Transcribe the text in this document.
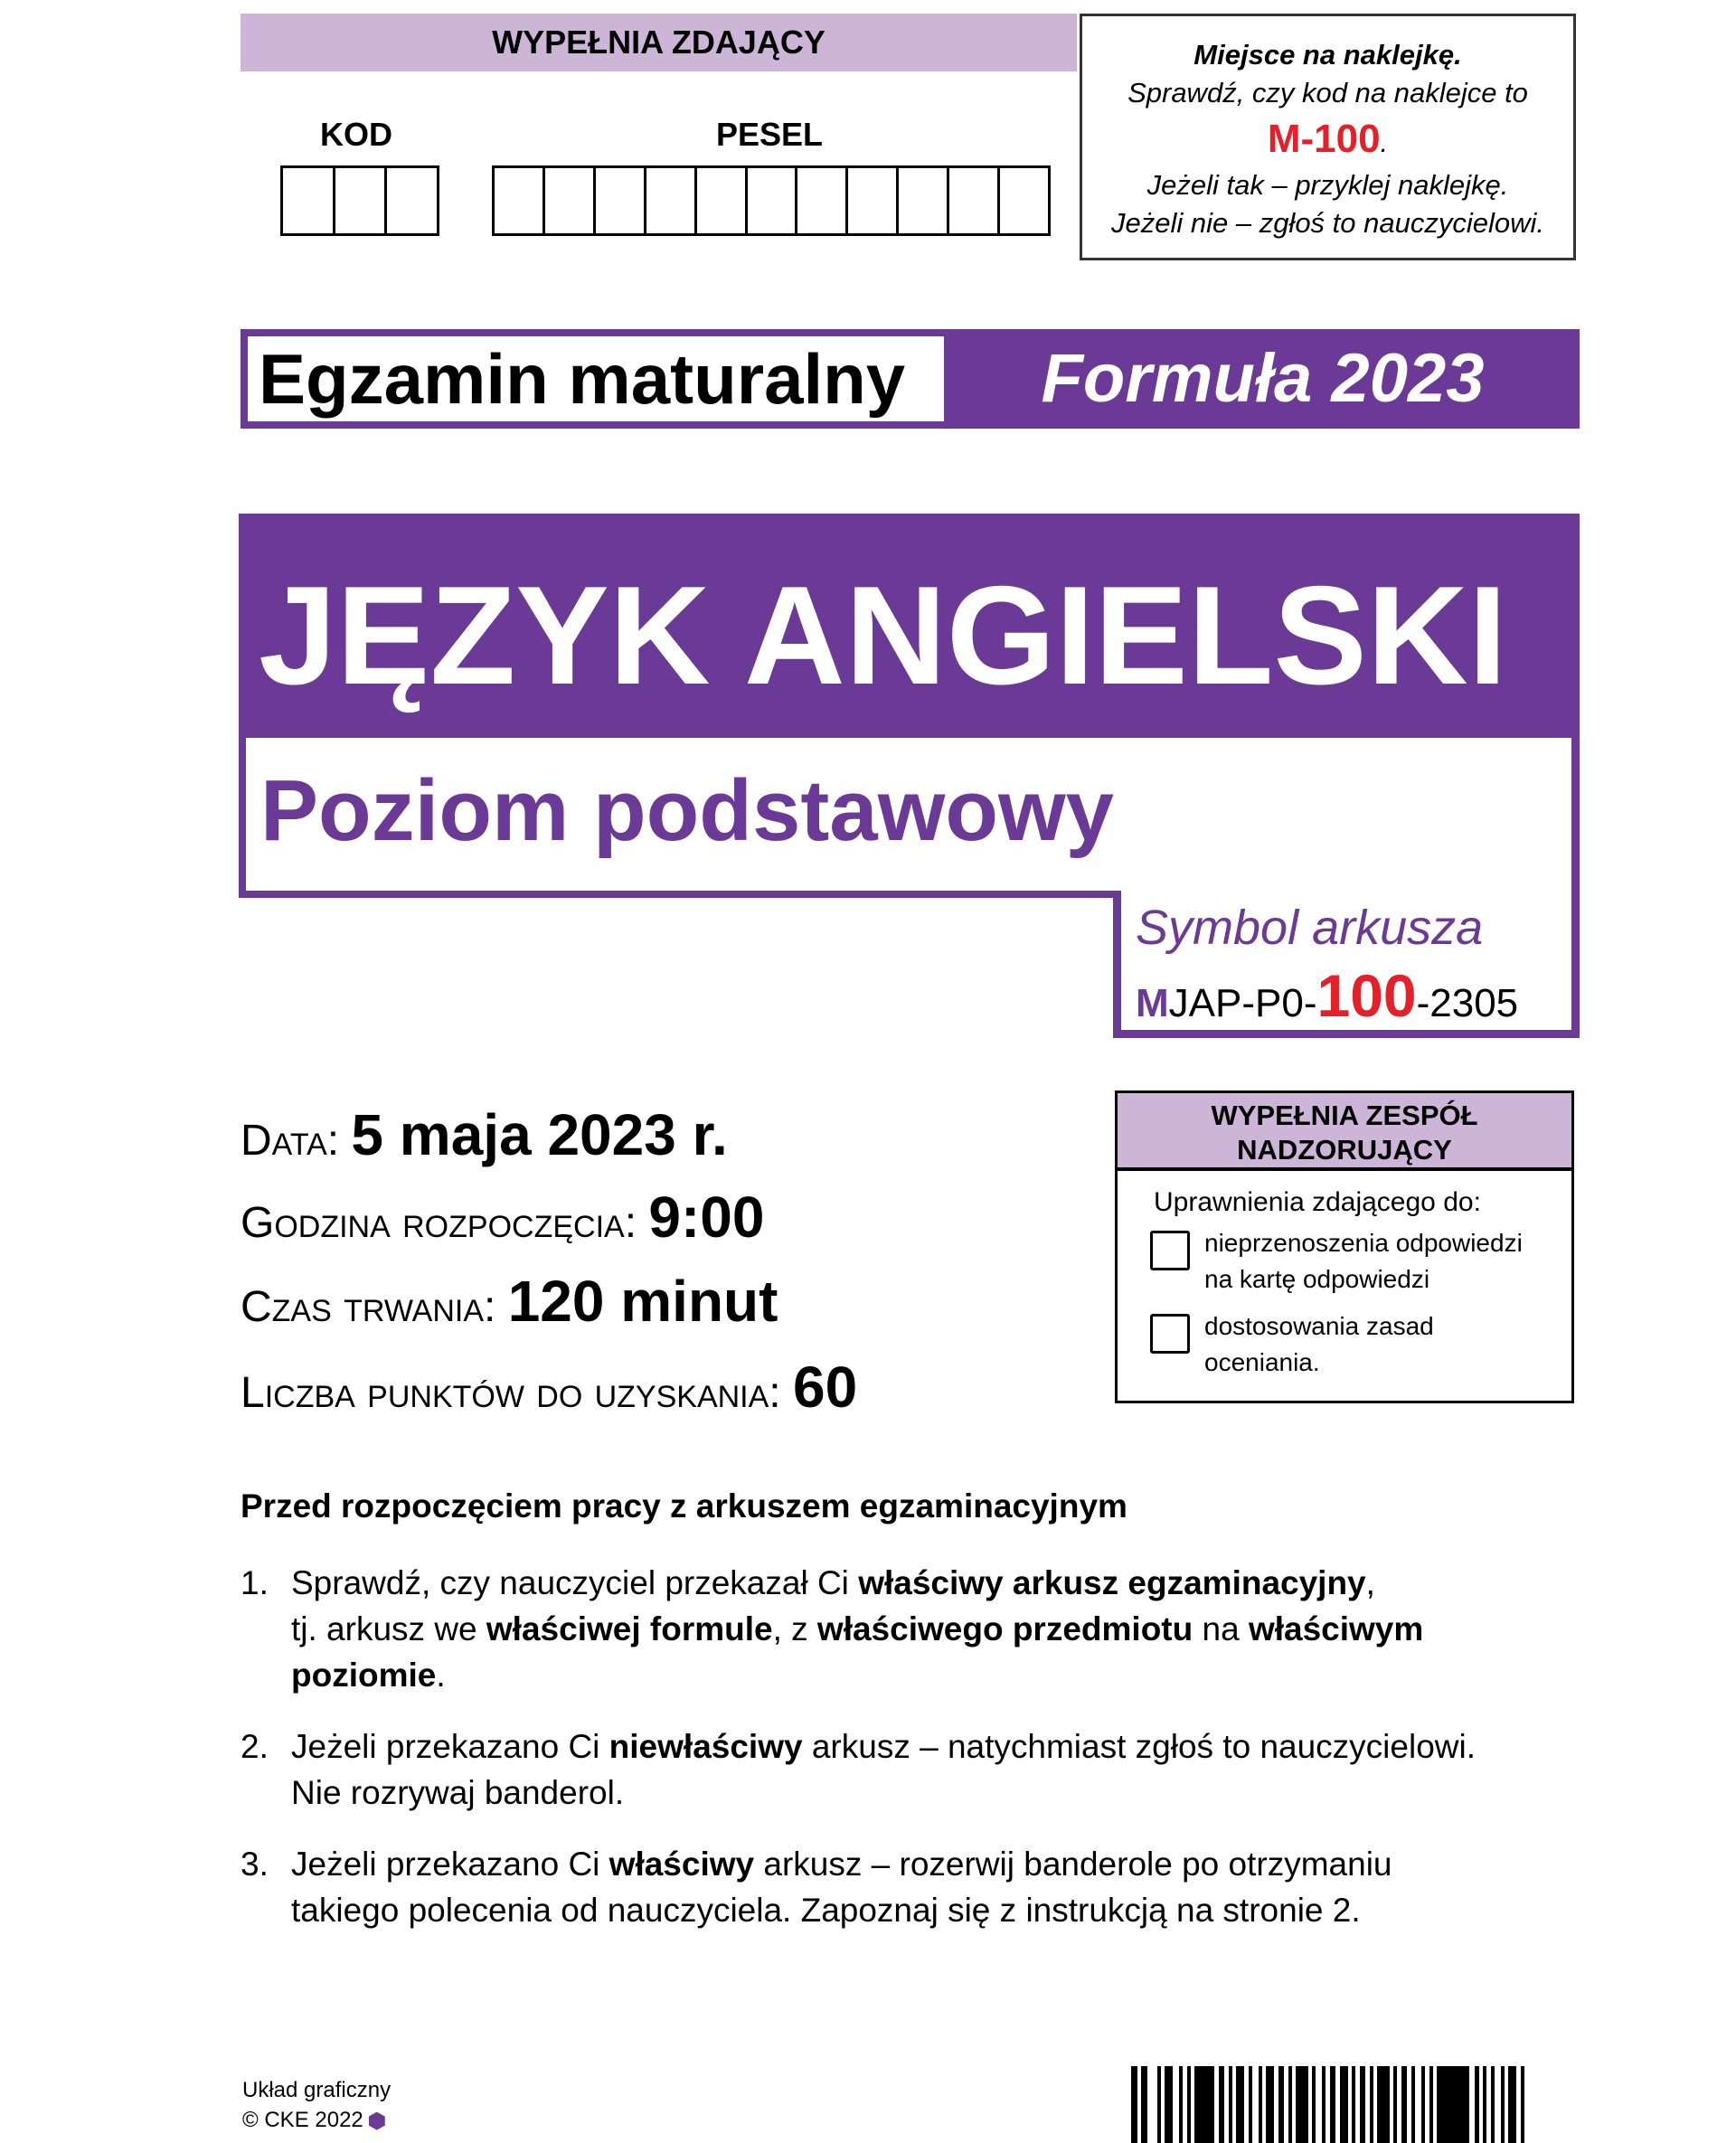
WYPEŁNIA ZDAJĄCY
KOD	PESEL
Miejsce na naklejkę.
Sprawdź, czy kod na naklejce to
M-100.
Jeżeli tak – przyklej naklejkę.
Jeżeli nie – zgłoś to nauczycielowi.
Egzamin maturalny	Formuła 2023
JĘZYK ANGIELSKI
Poziom podstawowy
Symbol arkusza
MJAP-P0-100-2305
Data: 5 maja 2023 r.
Godzina rozpoczęcia: 9:00
Czas trwania: 120 minut
Liczba punktów do uzyskania: 60
WYPEŁNIA ZESPÓŁ
NADZORUJĄCY
Uprawnienia zdającego do:
nieprzenoszenia odpowiedzi
na kartę odpowiedzi
dostosowania zasad
oceniania.
Przed rozpoczęciem pracy z arkuszem egzaminacyjnym
1. Sprawdź, czy nauczyciel przekazał Ci właściwy arkusz egzaminacyjny,
tj. arkusz we właściwej formule, z właściwego przedmiotu na właściwym poziomie.
2. Jeżeli przekazano Ci niewłaściwy arkusz – natychmiast zgłoś to nauczycielowi.
Nie rozrywaj banderol.
3. Jeżeli przekazano Ci właściwy arkusz – rozerwij banderole po otrzymaniu
takiego polecenia od nauczyciela. Zapoznaj się z instrukcją na stronie 2.
Układ graficzny
© CKE 2022
